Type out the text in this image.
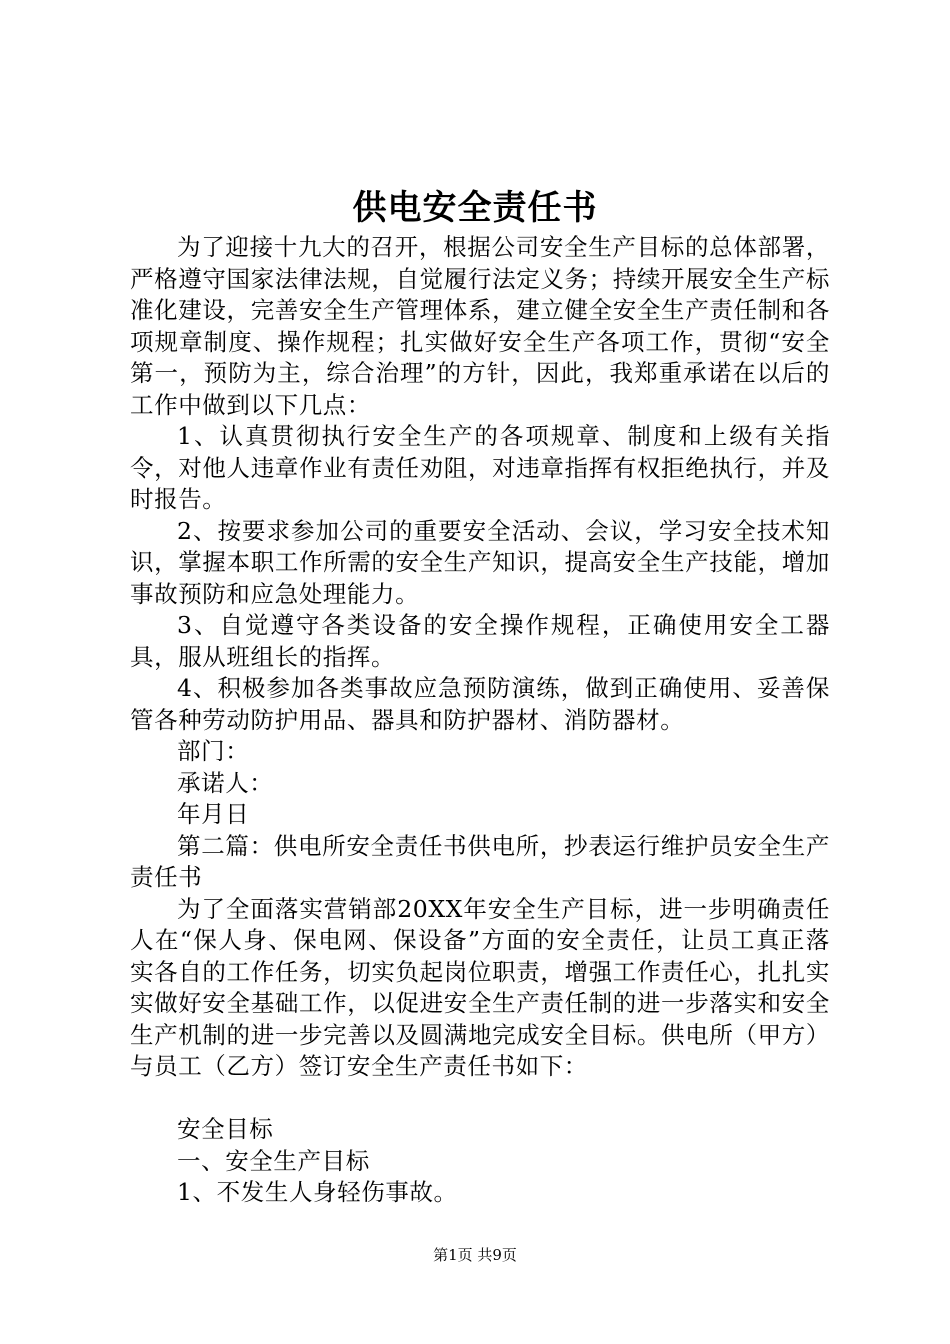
供电安全责任书

为了迎接十九大的召开，根据公司安全生产目标的总体部署，严格遵守国家法律法规，自觉履行法定义务；持续开展安全生产标准化建设，完善安全生产管理体系，建立健全安全生产责任制和各项规章制度、操作规程；扎实做好安全生产各项工作，贯彻“安全第一，预防为主，综合治理”的方针，因此，我郑重承诺在以后的工作中做到以下几点：

1、认真贯彻执行安全生产的各项规章、制度和上级有关指令，对他人违章作业有责任劝阻，对违章指挥有权拒绝执行，并及时报告。

2、按要求参加公司的重要安全活动、会议，学习安全技术知识，掌握本职工作所需的安全生产知识，提高安全生产技能，增加事故预防和应急处理能力。

3、自觉遵守各类设备的安全操作规程，正确使用安全工器具，服从班组长的指挥。

4、积极参加各类事故应急预防演练，做到正确使用、妥善保管各种劳动防护用品、器具和防护器材、消防器材。

部门：

承诺人：

年月日

第二篇：供电所安全责任书供电所，抄表运行维护员安全生产责任书

为了全面落实营销部20XX年安全生产目标，进一步明确责任人在“保人身、保电网、保设备”方面的安全责任，让员工真正落实各自的工作任务，切实负起岗位职责，增强工作责任心，扎扎实实做好安全基础工作，以促进安全生产责任制的进一步落实和安全生产机制的进一步完善以及圆满地完成安全目标。供电所（甲方）与员工（乙方）签订安全生产责任书如下：

安全目标

一、安全生产目标

1、不发生人身轻伤事故。

第1页 共9页
